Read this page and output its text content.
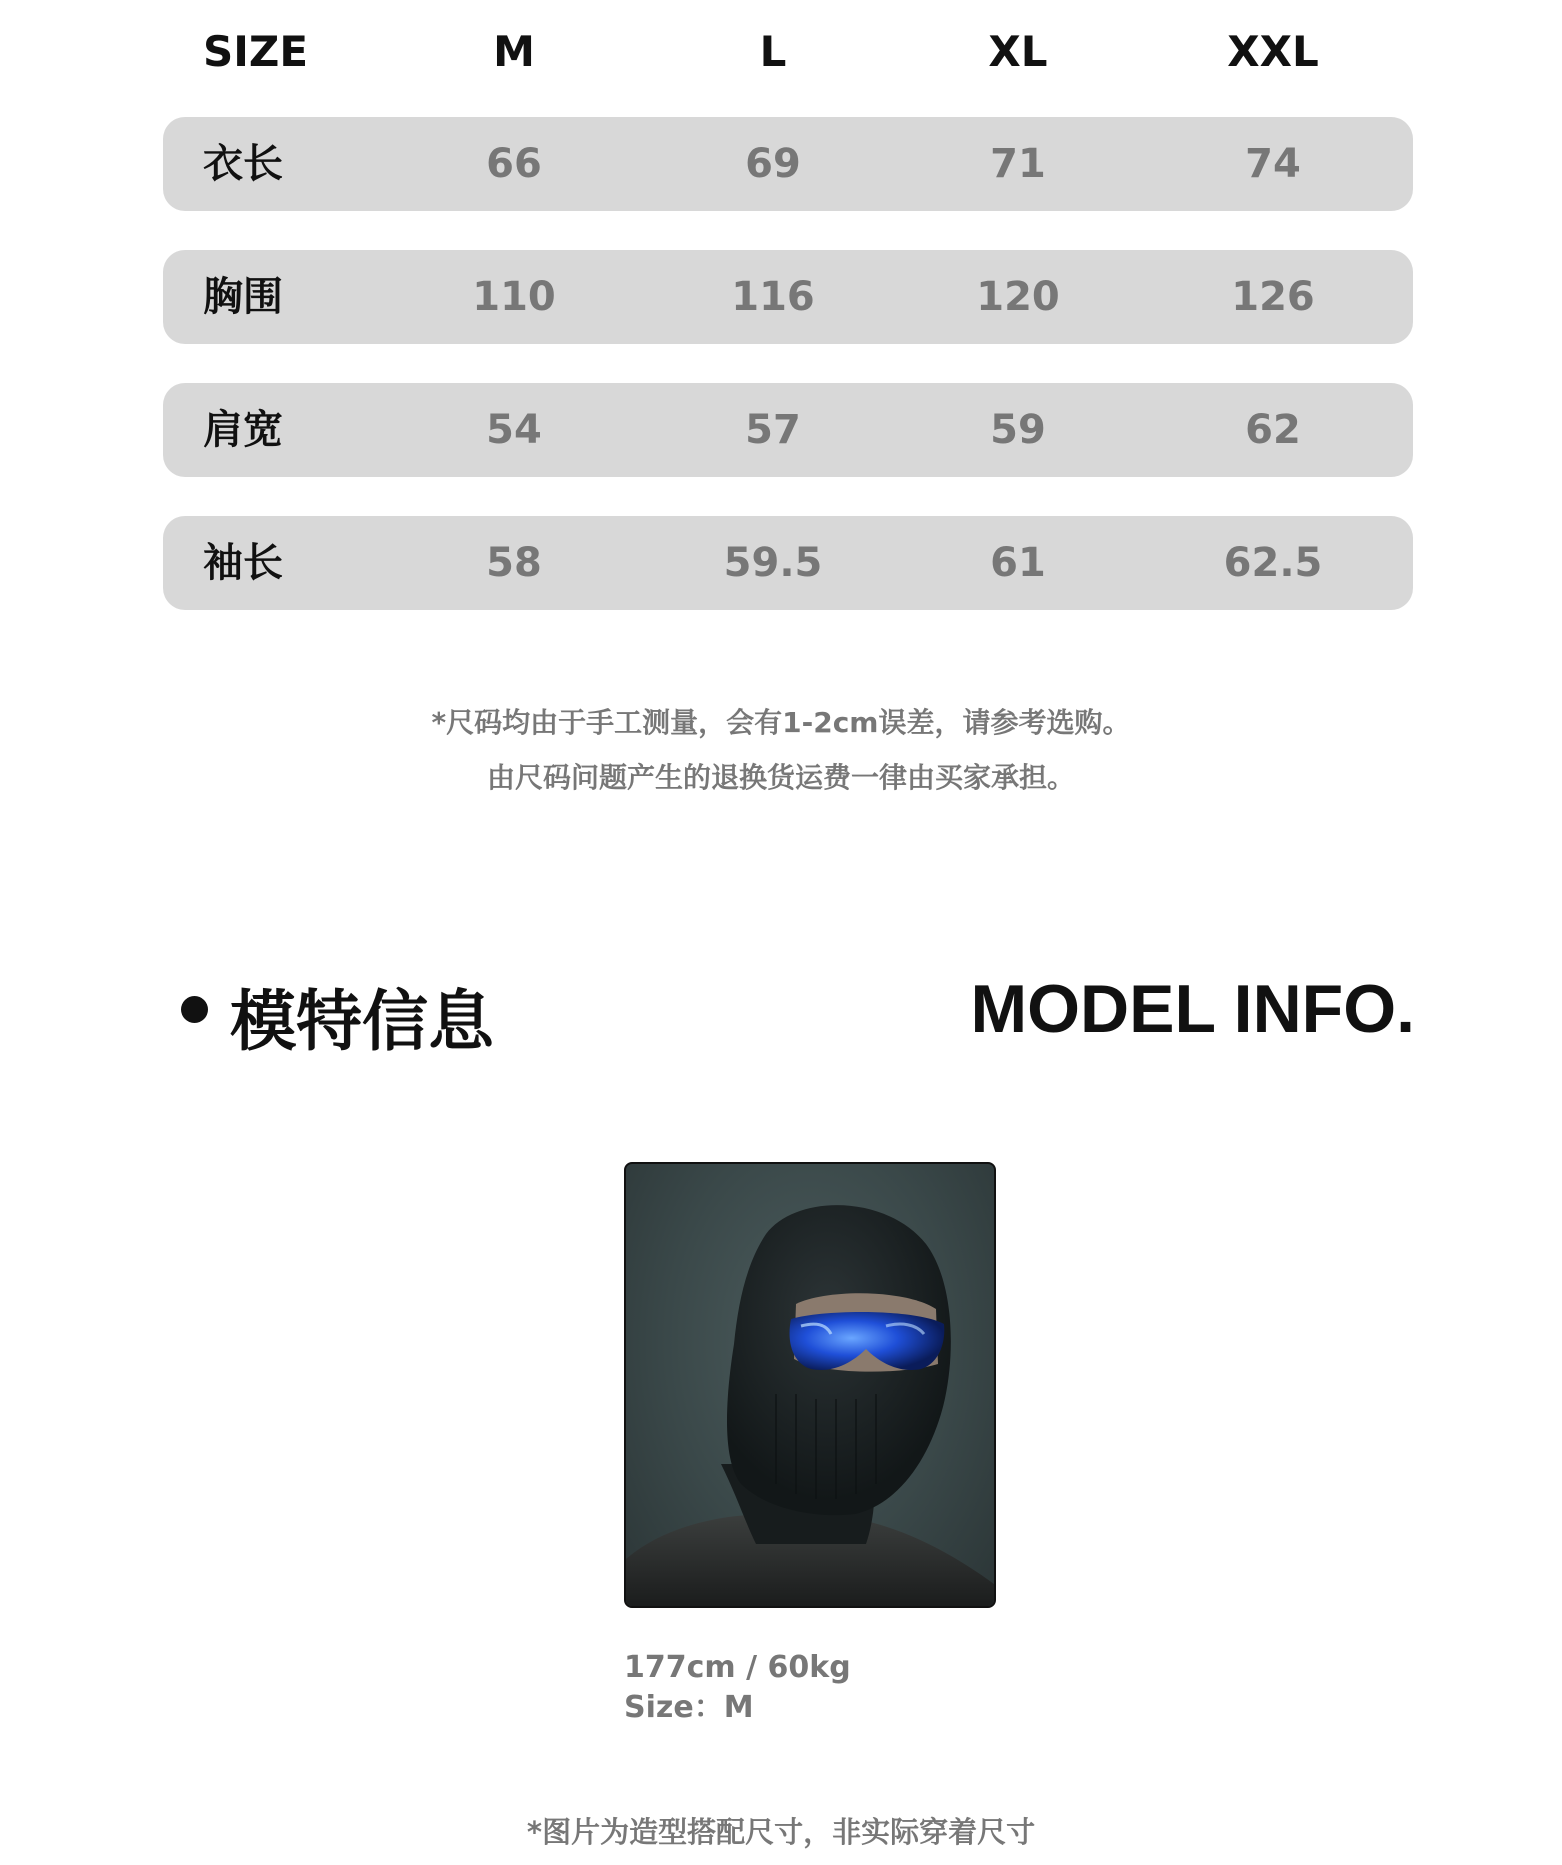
SIZE	M	L	XL	XXL
衣长	66	69	71	74
胸围	110	116	120	126
肩宽	54	57	59	62
袖长	58	59.5	61	62.5
*尺码均由于手工测量，会有1-2cm误差，请参考选购。
由尺码问题产生的退换货运费一律由买家承担。
模特信息	MODEL INFO.
177cm / 60kg
Size：M
*图片为造型搭配尺寸，非实际穿着尺寸
